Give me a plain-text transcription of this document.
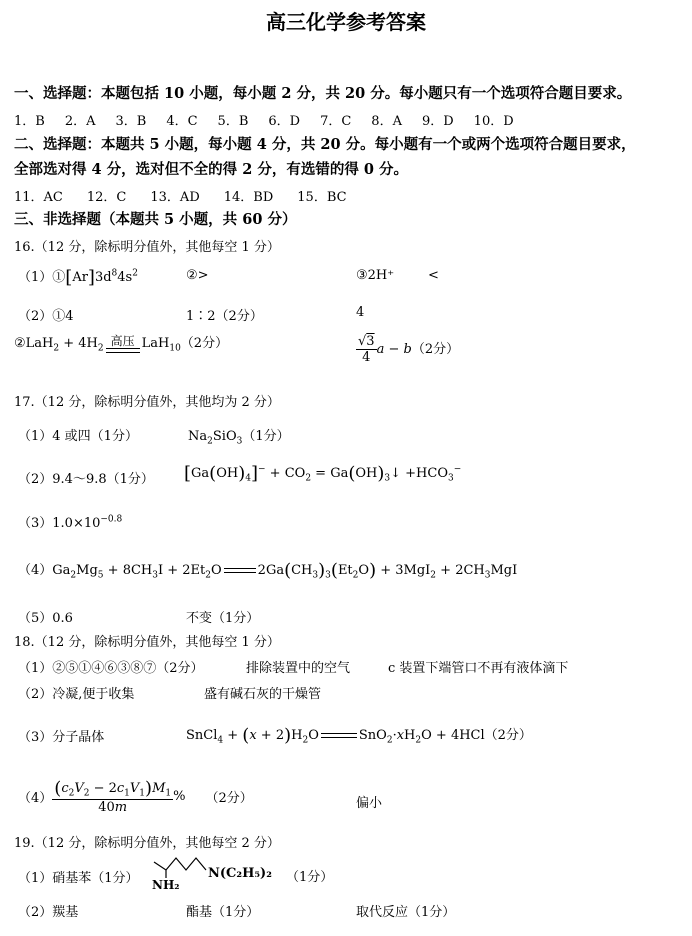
高三化学参考答案
一、选择题：本题包括 10 小题，每小题 2 分，共 20 分。每小题只有一个选项符合题目要求。
1．B 2．A 3．B 4．C 5．B 6．D 7．C 8．A 9．D 10．D
二、选择题：本题共 5 小题，每小题 4 分，共 20 分。每小题有一个或两个选项符合题目要求，
全部选对得 4 分，选对但不全的得 2 分，有选错的得 0 分。
11．AC 12．C 13．AD 14．BD 15．BC
三、非选择题（本题共 5 小题，共 60 分）
16.（12 分，除标明分值外，其他每空 1 分）
$(1)①[Ar]3d^84s^2$	②>	③2H⁺	<
（2）①4	1∶2（2分）	4
②LaH$_2$ + $4H_2$
高压 LaH$_{10}$（2分）	$\frac{√3}{4}$ a − b（2分）
17.（12 分，除标明分值外，其他均为 2 分）
（1）4 或四（1分）	$Na_2SiO_3(1$分）
（2）9.4～9.8（1分） $[Ga(OH)_4]^- + CO_2$ = $Ga(OH)_3↓ +HCO_3^-$
$(3)1.0\times 10^{-0.8}$
$(4)Ga_2Mg_5 + 8CH_3I + 2Et_2O$	$2Ga(CH_3)_3(Et_2O) + 3MgI_2 + 2CH_3MgI$
（5）0.6	不变（1分）
18.（12 分，除标明分值外，其他每空 1 分）
（1）②⑤①④⑥③⑧⑦（2分）	排除装置中的空气	c 装置下端管口不再有液体滴下
（2）冷凝,便于收集	盛有碱石灰的干燥管
（3）分子晶体	SnCl$_4$ + $(x + 2)H_2O$	$SnO_2\cdot xH_2O + 4HCl(2$分）
$(4) \frac{(c_2V_2 - 2c_1V_1)M_1}{40m}$ % （2分）	偏小
19.（12 分，除标明分值外，其他每空 2 分）
（1）硝基苯（1分） NH₂
N(C₂H₅)₂ （1分）
（2）羰基	酯基（1分）	取代反应（1分）
